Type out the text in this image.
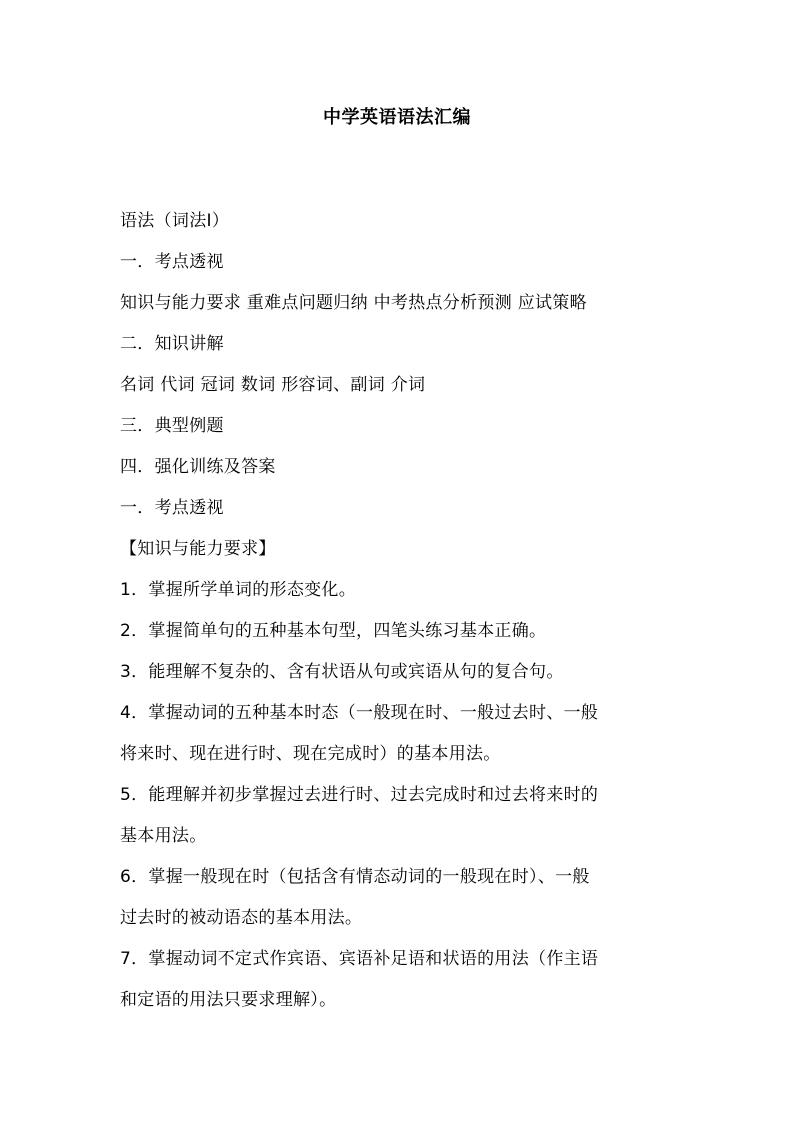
中学英语语法汇编
语法（词法Ⅰ）
一．考点透视
知识与能力要求 重难点问题归纳 中考热点分析预测 应试策略
二．知识讲解
名词 代词 冠词 数词 形容词、副词 介词
三．典型例题
四．强化训练及答案
一．考点透视
【知识与能力要求】
1．掌握所学单词的形态变化。
2．掌握简单句的五种基本句型，四笔头练习基本正确。
3．能理解不复杂的、含有状语从句或宾语从句的复合句。
4．掌握动词的五种基本时态（一般现在时、一般过去时、一般
将来时、现在进行时、现在完成时）的基本用法。
5．能理解并初步掌握过去进行时、过去完成时和过去将来时的
基本用法。
6．掌握一般现在时（包括含有情态动词的一般现在时）、一般
过去时的被动语态的基本用法。
7．掌握动词不定式作宾语、宾语补足语和状语的用法（作主语
和定语的用法只要求理解）。
